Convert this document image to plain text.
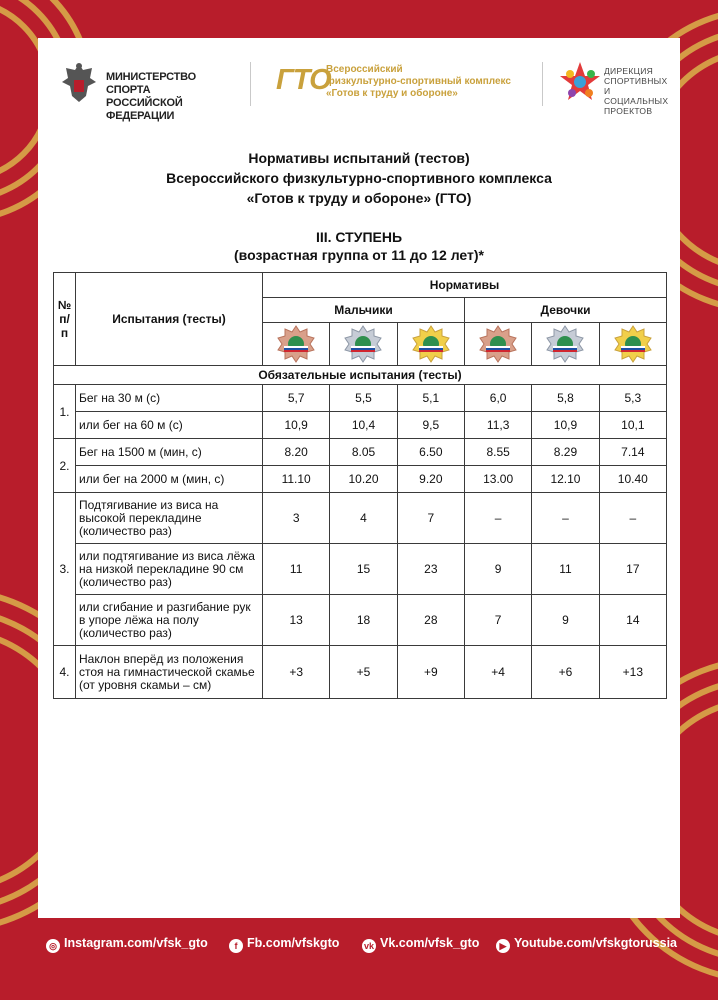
МИНИСТЕРСТВО СПОРТА
РОССИЙСКОЙ ФЕДЕРАЦИИ
ГТО
Всероссийский
физкультурно-спортивный комплекс
«Готов к труду и обороне»
ДИРЕКЦИЯ
СПОРТИВНЫХ
И СОЦИАЛЬНЫХ
ПРОЕКТОВ
Нормативы испытаний (тестов)
Всероссийского физкультурно-спортивного комплекса
«Готов к труду и обороне» (ГТО)
III. СТУПЕНЬ
(возрастная группа от 11 до 12 лет)*
№ п/п	Испытания (тесты)	Нормативы					
		Мальчики			Девочки		

Обязательные испытания (тесты)							
1.	Бег на 30 м (с)	5,7	5,5	5,1	6,0	5,8	5,3
	или бег на 60 м (с)	10,9	10,4	9,5	11,3	10,9	10,1
2.	Бег на 1500 м (мин, с)	8.20	8.05	6.50	8.55	8.29	7.14
	или бег на 2000 м (мин, с)	11.10	10.20	9.20	13.00	12.10	10.40
3.	Подтягивание из виса на высокой перекладине (количество раз)	3	4	7	–	–	–
	или подтягивание из виса лёжа на низкой перекладине 90 см (количество раз)	11	15	23	9	11	17
	или сгибание и разгибание рук в упоре лёжа на полу (количество раз)	13	18	28	7	9	14
4.	Наклон вперёд из положения стоя на гимнастической скамье (от уровня скамьи – см)	+3	+5	+9	+4	+6	+13
◎ Instagram.com/vfsk_gto	f Fb.com/vfskgto	vk Vk.com/vfsk_gto	▶ Youtube.com/vfskgtorussia
